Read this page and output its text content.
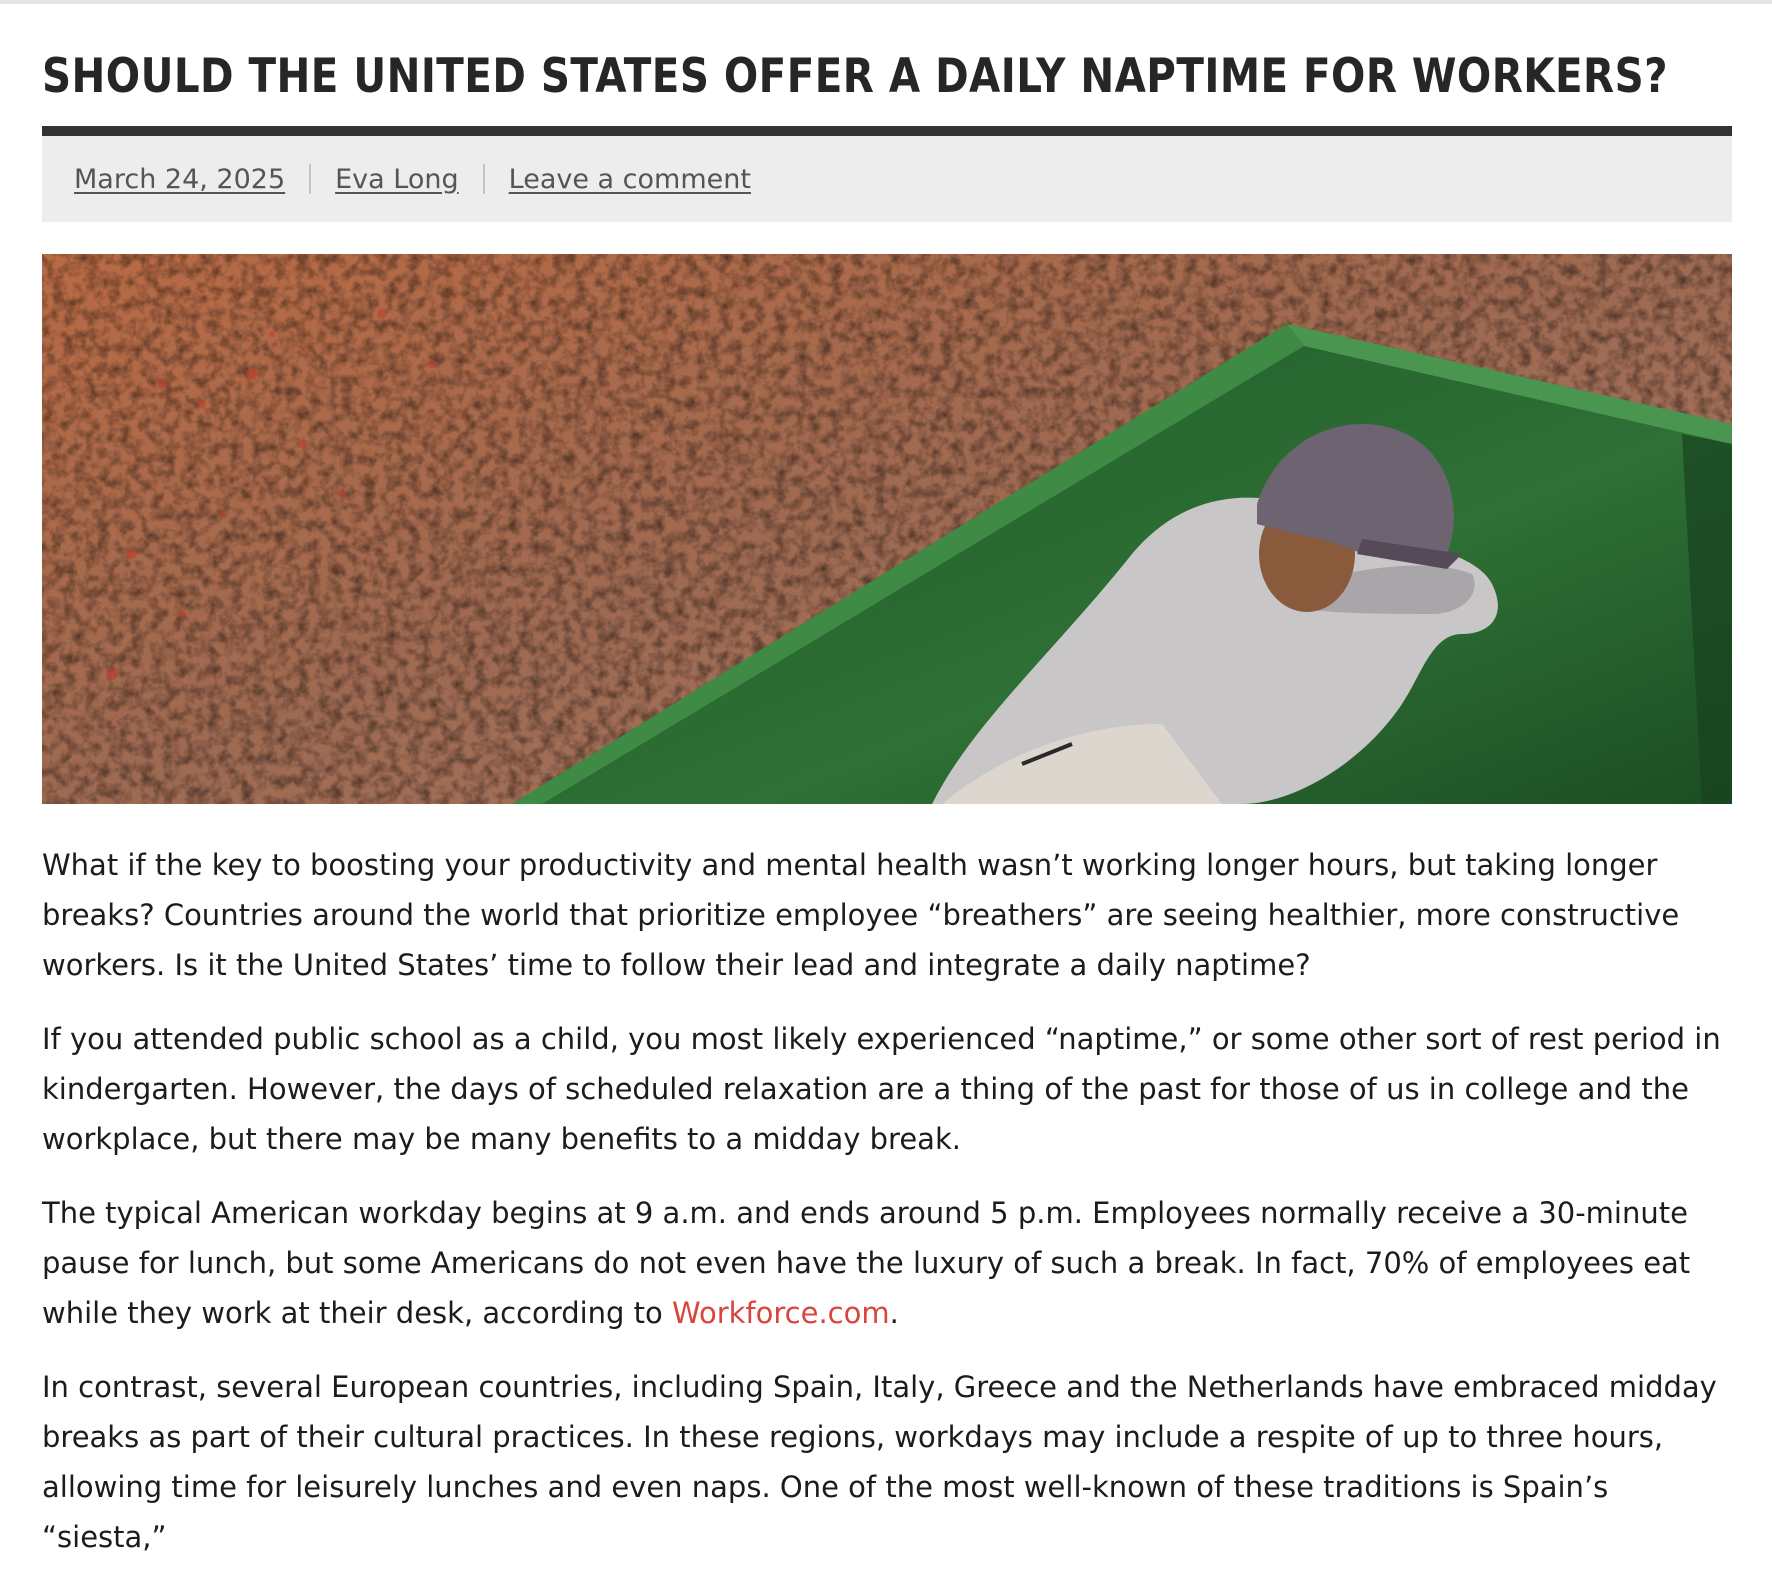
SHOULD THE UNITED STATES OFFER A DAILY NAPTIME FOR WORKERS?
March 24, 2025 Eva Long Leave a comment

What if the key to boosting your productivity and mental health wasn’t working longer hours, but taking longer breaks? Countries around the world that prioritize employee “breathers” are seeing healthier, more constructive workers. Is it the United States’ time to follow their lead and integrate a daily naptime?

If you attended public school as a child, you most likely experienced “naptime,” or some other sort of rest period in kindergarten. However, the days of scheduled relaxation are a thing of the past for those of us in college and the workplace, but there may be many benefits to a midday break.

The typical American workday begins at 9 a.m. and ends around 5 p.m. Employees normally receive a 30-minute pause for lunch, but some Americans do not even have the luxury of such a break. In fact, 70% of employees eat while they work at their desk, according to Workforce.com.

In contrast, several European countries, including Spain, Italy, Greece and the Netherlands have embraced midday breaks as part of their cultural practices. In these regions, workdays may include a respite of up to three hours, allowing time for leisurely lunches and even naps. One of the most well-known of these traditions is Spain’s “siesta,”
